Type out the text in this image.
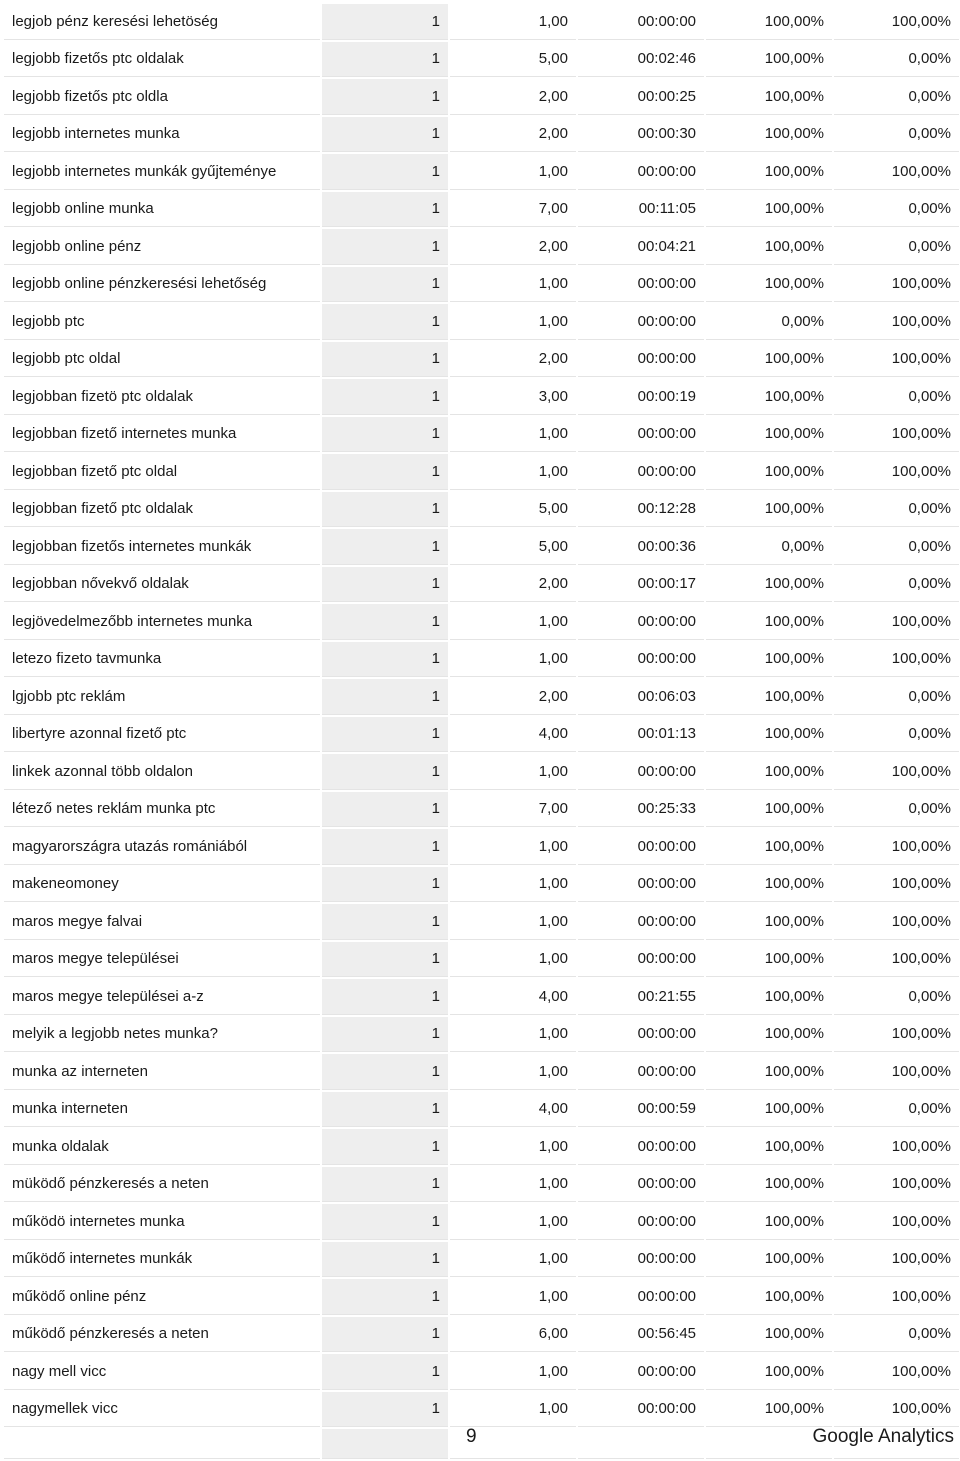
legjob pénz keresési lehetöség	1	1,00	00:00:00	100,00%	100,00%
legjobb fizetős ptc oldalak	1	5,00	00:02:46	100,00%	0,00%
legjobb fizetős ptc oldla	1	2,00	00:00:25	100,00%	0,00%
legjobb internetes munka	1	2,00	00:00:30	100,00%	0,00%
legjobb internetes munkák gyűjteménye	1	1,00	00:00:00	100,00%	100,00%
legjobb online munka	1	7,00	00:11:05	100,00%	0,00%
legjobb online pénz	1	2,00	00:04:21	100,00%	0,00%
legjobb online pénzkeresési lehetőség	1	1,00	00:00:00	100,00%	100,00%
legjobb ptc	1	1,00	00:00:00	0,00%	100,00%
legjobb ptc oldal	1	2,00	00:00:00	100,00%	100,00%
legjobban fizetö ptc oldalak	1	3,00	00:00:19	100,00%	0,00%
legjobban fizető internetes munka	1	1,00	00:00:00	100,00%	100,00%
legjobban fizető ptc oldal	1	1,00	00:00:00	100,00%	100,00%
legjobban fizető ptc oldalak	1	5,00	00:12:28	100,00%	0,00%
legjobban fizetős internetes munkák	1	5,00	00:00:36	0,00%	0,00%
legjobban nővekvő oldalak	1	2,00	00:00:17	100,00%	0,00%
legjövedelmezőbb internetes munka	1	1,00	00:00:00	100,00%	100,00%
letezo fizeto tavmunka	1	1,00	00:00:00	100,00%	100,00%
lgjobb ptc reklám	1	2,00	00:06:03	100,00%	0,00%
libertyre azonnal fizető ptc	1	4,00	00:01:13	100,00%	0,00%
linkek azonnal több oldalon	1	1,00	00:00:00	100,00%	100,00%
létező netes reklám munka ptc	1	7,00	00:25:33	100,00%	0,00%
magyarországra utazás romániából	1	1,00	00:00:00	100,00%	100,00%
makeneomoney	1	1,00	00:00:00	100,00%	100,00%
maros megye falvai	1	1,00	00:00:00	100,00%	100,00%
maros megye települései	1	1,00	00:00:00	100,00%	100,00%
maros megye települései a-z	1	4,00	00:21:55	100,00%	0,00%
melyik a legjobb netes munka?	1	1,00	00:00:00	100,00%	100,00%
munka az interneten	1	1,00	00:00:00	100,00%	100,00%
munka interneten	1	4,00	00:00:59	100,00%	0,00%
munka oldalak	1	1,00	00:00:00	100,00%	100,00%
müködő pénzkeresés a neten	1	1,00	00:00:00	100,00%	100,00%
működö internetes munka	1	1,00	00:00:00	100,00%	100,00%
működő internetes munkák	1	1,00	00:00:00	100,00%	100,00%
működő online pénz	1	1,00	00:00:00	100,00%	100,00%
működő pénzkeresés a neten	1	6,00	00:56:45	100,00%	0,00%
nagy mell vicc	1	1,00	00:00:00	100,00%	100,00%
nagymellek vicc	1	1,00	00:00:00	100,00%	100,00%

9	Google Analytics
